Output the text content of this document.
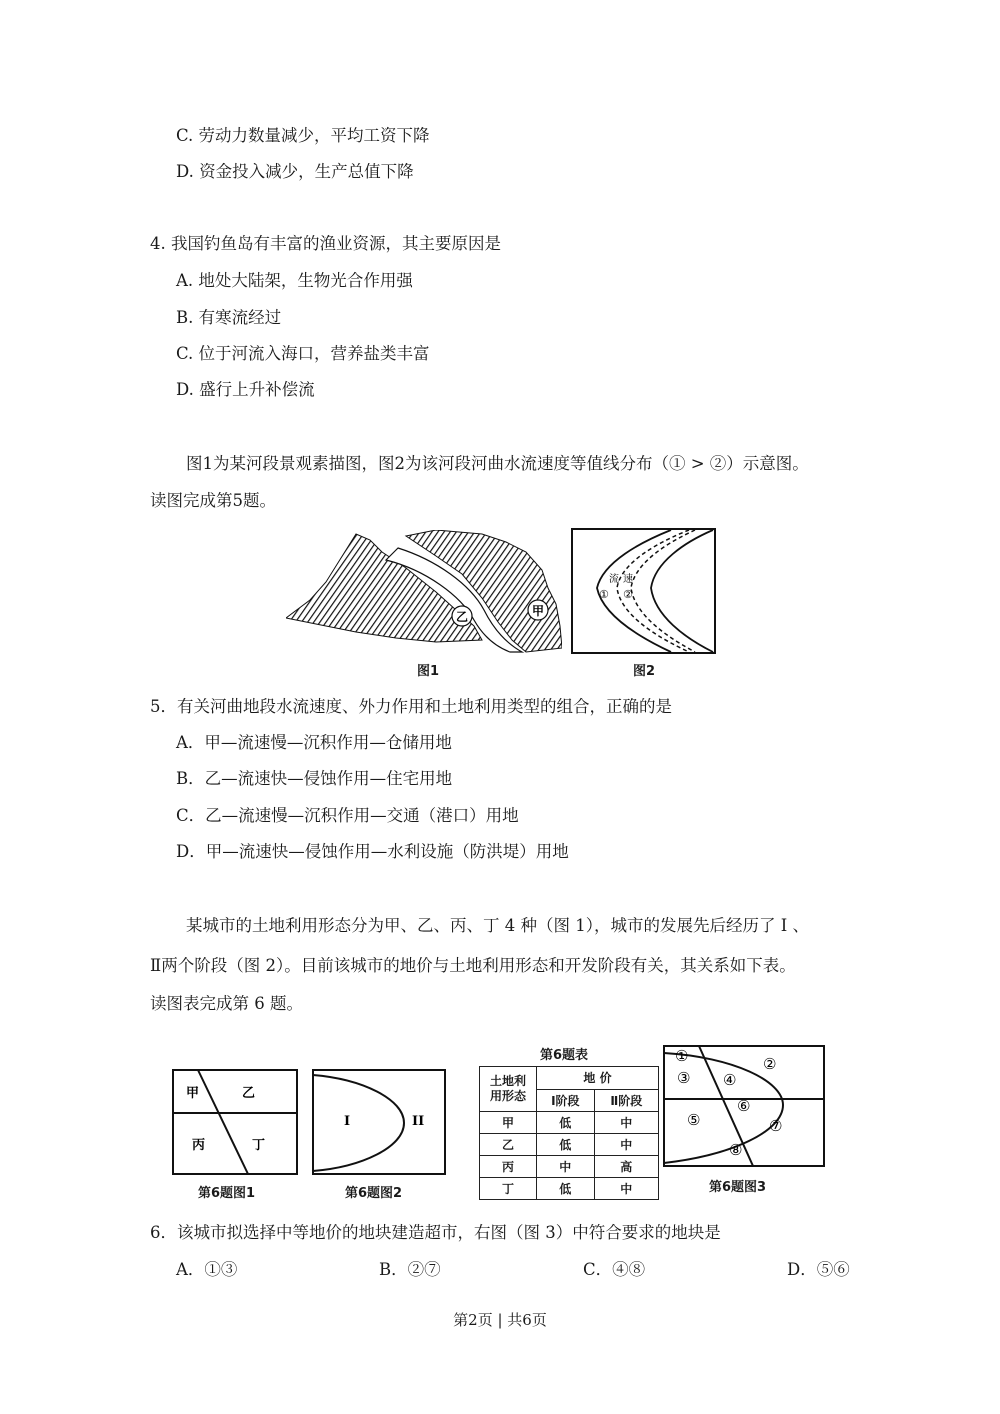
C. 劳动力数量减少，平均工资下降
D. 资金投入减少，生产总值下降
4. 我国钓鱼岛有丰富的渔业资源，其主要原因是
A. 地处大陆架，生物光合作用强
B. 有寒流经过
C. 位于河流入海口，营养盐类丰富
D. 盛行上升补偿流
图1为某河段景观素描图，图2为该河段河曲水流速度等值线分布（① > ②）示意图。
读图完成第5题。
乙	甲
图1
流 速
① ②
图2
5．有关河曲地段水流速度、外力作用和土地利用类型的组合，正确的是
A．甲—流速慢—沉积作用—仓储用地
B．乙—流速快—侵蚀作用—住宅用地
C．乙—流速慢—沉积作用—交通（港口）用地
D．甲—流速快—侵蚀作用—水利设施（防洪堤）用地
某城市的土地利用形态分为甲、乙、丙、丁 4 种（图 1），城市的发展先后经历了 Ⅰ 、
Ⅱ两个阶段（图 2）。目前该城市的地价与土地利用形态和开发阶段有关，其关系如下表。
读图表完成第 6 题。
甲	乙
丙	丁
第6题图1
I	II
第6题图2
第6题表
土地利
用形态	地 价	
	Ⅰ阶段	Ⅱ阶段
甲	低	中
乙	低	中
丙	中	高
丁	低	中
①	②
③ ④
⑤
⑥
⑦
⑧
第6题图3
6．该城市拟选择中等地价的地块建造超市，右图（图 3）中符合要求的地块是
A．①③	B．②⑦	C．④⑧	D．⑤⑥
第2页 | 共6页
